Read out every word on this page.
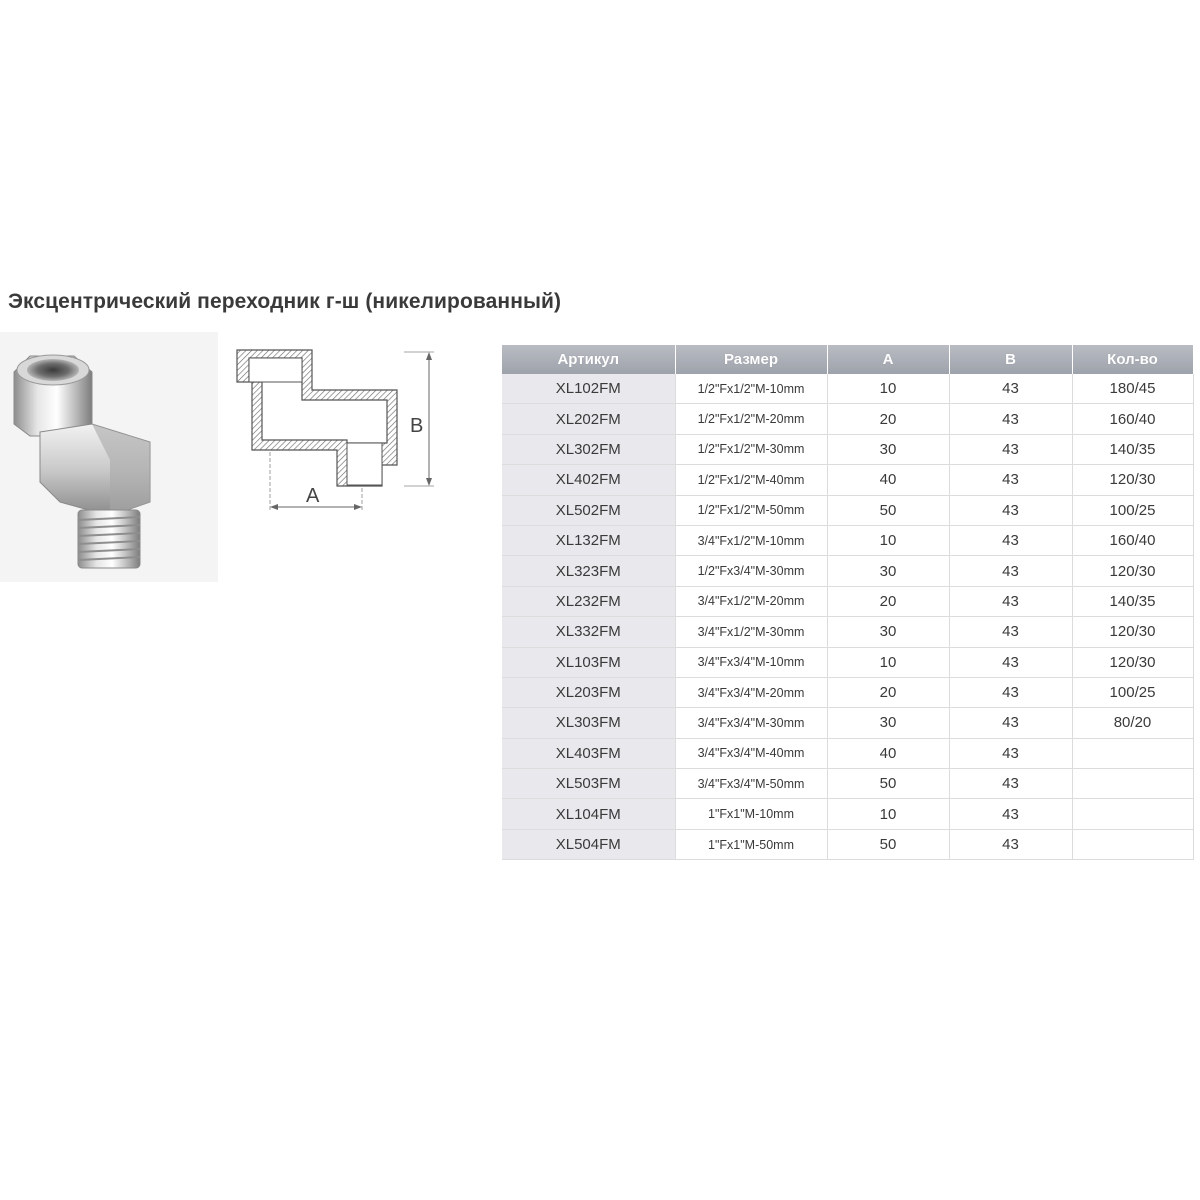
Эксцентрический переходник г-ш (никелированный)
B
A
Артикул	Размер	A	B	Кол-во
XL102FM	1/2"Fx1/2"M-10mm	10	43	180/45
XL202FM	1/2"Fx1/2"M-20mm	20	43	160/40
XL302FM	1/2"Fx1/2"M-30mm	30	43	140/35
XL402FM	1/2"Fx1/2"M-40mm	40	43	120/30
XL502FM	1/2"Fx1/2"M-50mm	50	43	100/25
XL132FM	3/4"Fx1/2"M-10mm	10	43	160/40
XL323FM	1/2"Fx3/4"M-30mm	30	43	120/30
XL232FM	3/4"Fx1/2"M-20mm	20	43	140/35
XL332FM	3/4"Fx1/2"M-30mm	30	43	120/30
XL103FM	3/4"Fx3/4"M-10mm	10	43	120/30
XL203FM	3/4"Fx3/4"M-20mm	20	43	100/25
XL303FM	3/4"Fx3/4"M-30mm	30	43	80/20
XL403FM	3/4"Fx3/4"M-40mm	40	43	
XL503FM	3/4"Fx3/4"M-50mm	50	43	
XL104FM	1"Fx1"M-10mm	10	43	
XL504FM	1"Fx1"M-50mm	50	43	
